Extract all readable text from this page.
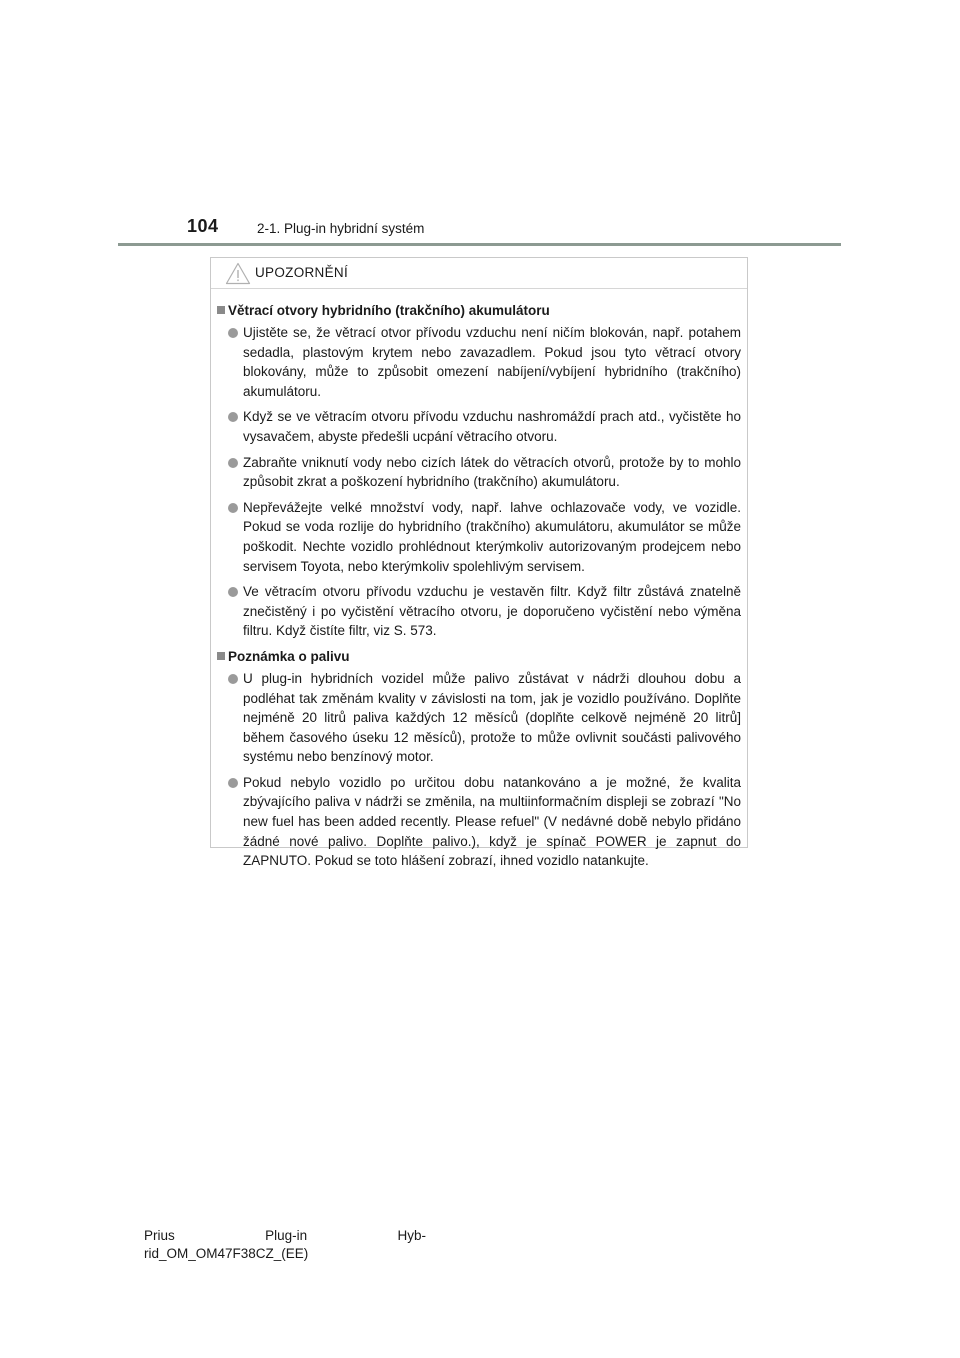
104	2-1. Plug-in hybridní systém
UPOZORNĚNÍ
Větrací otvory hybridního (trakčního) akumulátoru
Ujistěte se, že větrací otvor přívodu vzduchu není ničím blokován, např. potahem sedadla, plastovým krytem nebo zavazadlem. Pokud jsou tyto větrací otvory blokovány, může to způsobit omezení nabíjení/vybíjení hybridního (trakčního) akumulátoru.
Když se ve větracím otvoru přívodu vzduchu nashromáždí prach atd., vyčistěte ho vysavačem, abyste předešli ucpání větracího otvoru.
Zabraňte vniknutí vody nebo cizích látek do větracích otvorů, protože by to mohlo způsobit zkrat a poškození hybridního (trakčního) akumulátoru.
Nepřevážejte velké množství vody, např. lahve ochlazovače vody, ve vozidle. Pokud se voda rozlije do hybridního (trakčního) akumulátoru, akumulátor se může poškodit. Nechte vozidlo prohlédnout kterýmkoliv autorizovaným prodejcem nebo servisem Toyota, nebo kterýmkoliv spolehlivým servisem.
Ve větracím otvoru přívodu vzduchu je vestavěn filtr. Když filtr zůstává znatelně znečistěný i po vyčistění větracího otvoru, je doporučeno vyčistění nebo výměna filtru. Když čistíte filtr, viz S. 573.
Poznámka o palivu
U plug-in hybridních vozidel může palivo zůstávat v nádrži dlouhou dobu a podléhat tak změnám kvality v závislosti na tom, jak je vozidlo používáno. Doplňte nejméně 20 litrů paliva každých 12 měsíců (doplňte celkově nejméně 20 litrů] během časového úseku 12 měsíců), protože to může ovlivnit součásti palivového systému nebo benzínový motor.
Pokud nebylo vozidlo po určitou dobu natankováno a je možné, že kvalita zbývajícího paliva v nádrži se změnila, na multiinformačním displeji se zobrazí "No new fuel has been added recently. Please refuel" (V nedávné době nebylo přidáno žádné nové palivo. Doplňte palivo.), když je spínač POWER je zapnut do ZAPNUTO. Pokud se toto hlášení zobrazí, ihned vozidlo natankujte.
Prius	Plug-in	Hyb-
rid_OM_OM47F38CZ_(EE)
